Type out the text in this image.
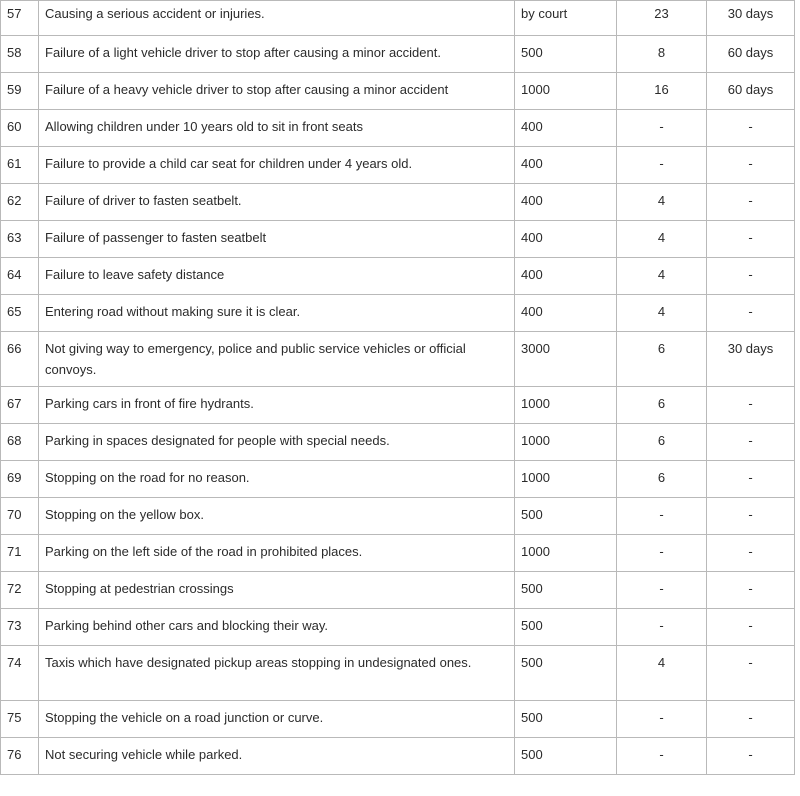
57	Causing a serious accident or injuries.	by court	23	30 days
58	Failure of a light vehicle driver to stop after causing a minor accident.	500	8	60 days
59	Failure of a heavy vehicle driver to stop after causing a minor accident	1000	16	60 days
60	Allowing children under 10 years old to sit in front seats	400	-	-
61	Failure to provide a child car seat for children under 4 years old.	400	-	-
62	Failure of driver to fasten seatbelt.	400	4	-
63	Failure of passenger to fasten seatbelt	400	4	-
64	Failure to leave safety distance	400	4	-
65	Entering road without making sure it is clear.	400	4	-
66	Not giving way to emergency, police and public service vehicles or official convoys.	3000	6	30 days
67	Parking cars in front of fire hydrants.	1000	6	-
68	Parking in spaces designated for people with special needs.	1000	6	-
69	Stopping on the road for no reason.	1000	6	-
70	Stopping on the yellow box.	500	-	-
71	Parking on the left side of the road in prohibited places.	1000	-	-
72	Stopping at pedestrian crossings	500	-	-
73	Parking behind other cars and blocking their way.	500	-	-
74	Taxis which have designated pickup areas stopping in undesignated ones.	500	4	-
75	Stopping the vehicle on a road junction or curve.	500	-	-
76	Not securing vehicle while parked.	500	-	-
